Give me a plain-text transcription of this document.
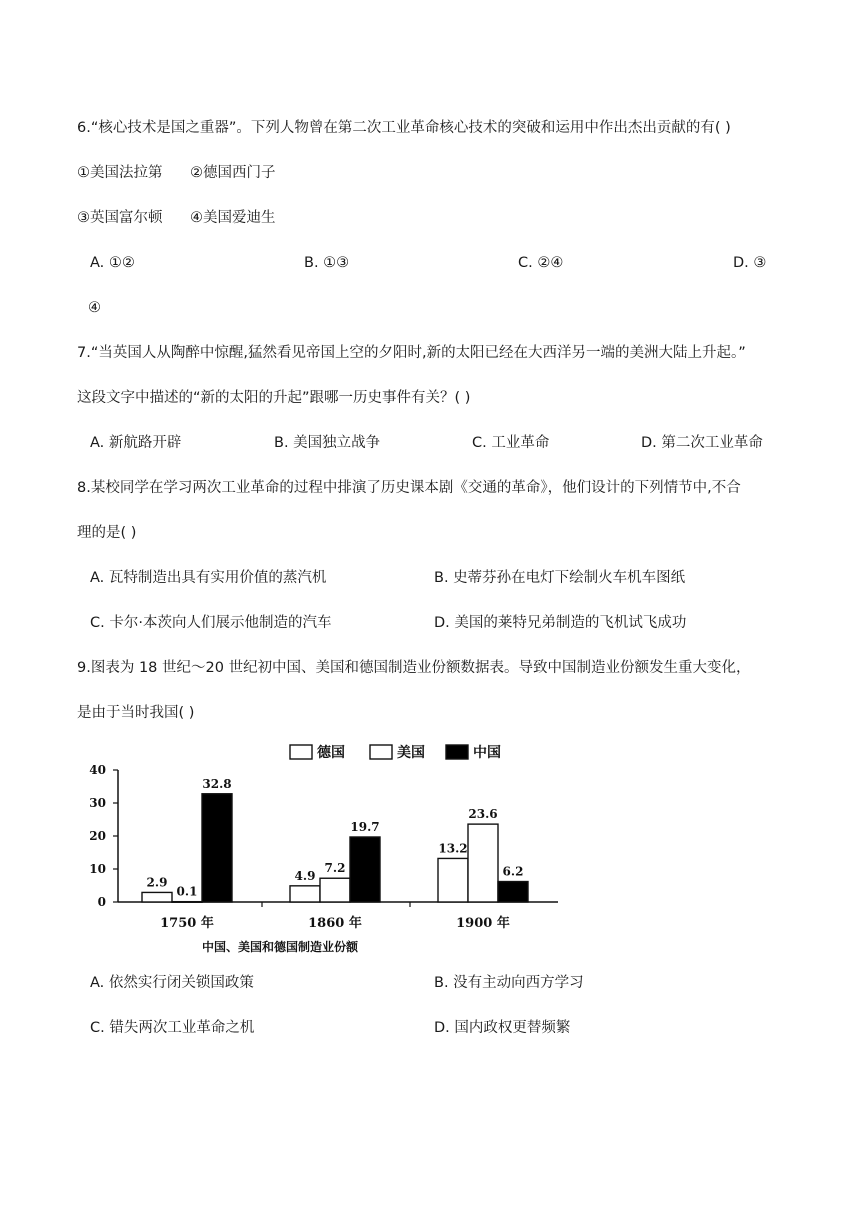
6.“核心技术是国之重器”。下列人物曾在第二次工业革命核心技术的突破和运用中作出杰出贡献的有( )
①美国法拉第 ②德国西门子
③英国富尔顿 ④美国爱迪生
A. ①②	B. ①③	C. ②④	D. ③
④
7.“当英国人从陶醉中惊醒,猛然看见帝国上空的夕阳时,新的太阳已经在大西洋另一端的美洲大陆上升起。”
这段文字中描述的“新的太阳的升起”跟哪一历史事件有关？( )
A. 新航路开辟	B. 美国独立战争	C. 工业革命	D. 第二次工业革命
8.某校同学在学习两次工业革命的过程中排演了历史课本剧《交通的革命》，他们设计的下列情节中,不合
理的是( )
A. 瓦特制造出具有实用价值的蒸汽机	B. 史蒂芬孙在电灯下绘制火车机车图纸
C. 卡尔·本茨向人们展示他制造的汽车	D. 美国的莱特兄弟制造的飞机试飞成功
9.图表为 18 世纪～20 世纪初中国、美国和德国制造业份额数据表。导致中国制造业份额发生重大变化，
是由于当时我国( )
0
10
20
30
40
2.9
0.1
32.8
1750 年
4.9
7.2
19.7
1860 年
13.2
23.6
6.2
1900 年
德国	美国	中国
中国、美国和德国制造业份额
A. 依然实行闭关锁国政策	B. 没有主动向西方学习
C. 错失两次工业革命之机	D. 国内政权更替频繁
